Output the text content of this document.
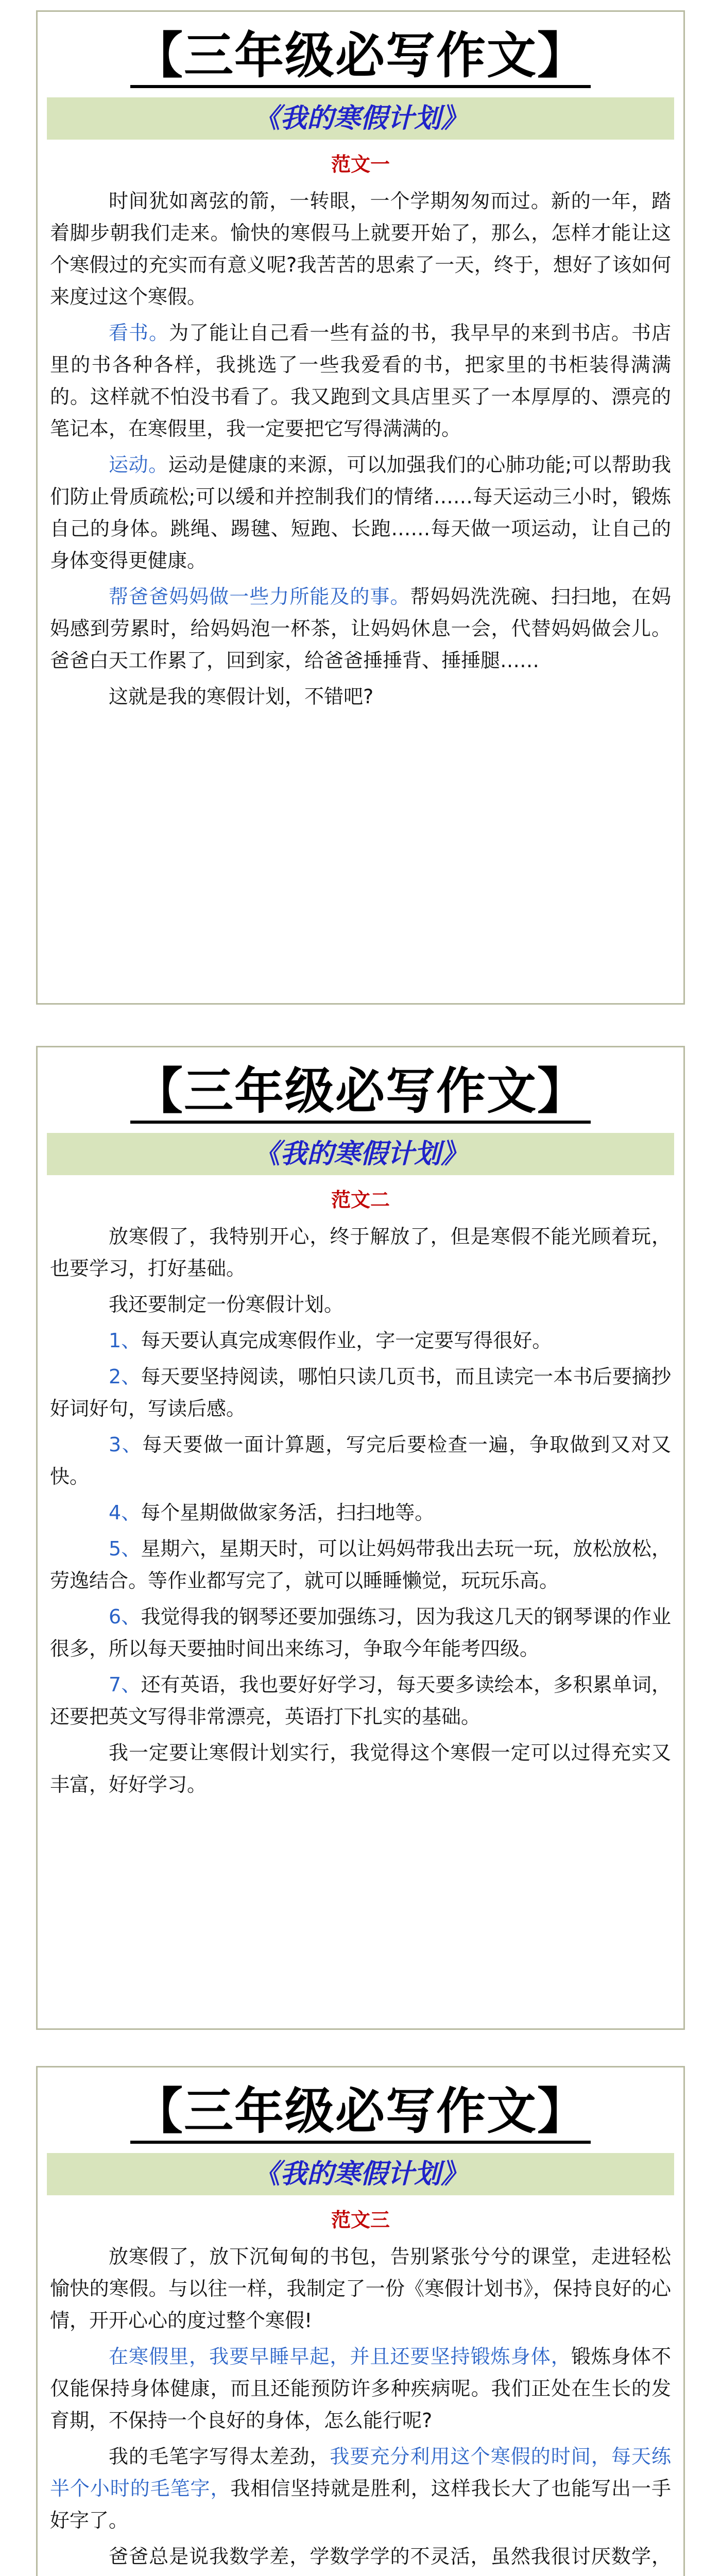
【三年级必写作文】
《我的寒假计划》
范文一

时间犹如离弦的箭，一转眼，一个学期匆匆而过。新的一年，踏着脚步朝我们走来。愉快的寒假马上就要开始了，那么，怎样才能让这个寒假过的充实而有意义呢?我苦苦的思索了一天，终于，想好了该如何来度过这个寒假。

看书。为了能让自己看一些有益的书，我早早的来到书店。书店里的书各种各样，我挑选了一些我爱看的书，把家里的书柜装得满满的。这样就不怕没书看了。我又跑到文具店里买了一本厚厚的、漂亮的笔记本，在寒假里，我一定要把它写得满满的。

运动。运动是健康的来源，可以加强我们的心肺功能;可以帮助我们防止骨质疏松;可以缓和并控制我们的情绪……每天运动三小时，锻炼自己的身体。跳绳、踢毽、短跑、长跑……每天做一项运动，让自己的身体变得更健康。

帮爸爸妈妈做一些力所能及的事。帮妈妈洗洗碗、扫扫地，在妈妈感到劳累时，给妈妈泡一杯茶，让妈妈休息一会，代替妈妈做会儿。爸爸白天工作累了，回到家，给爸爸捶捶背、捶捶腿……

这就是我的寒假计划，不错吧?

【三年级必写作文】
《我的寒假计划》
范文二

放寒假了，我特别开心，终于解放了，但是寒假不能光顾着玩，也要学习，打好基础。

我还要制定一份寒假计划。

1、每天要认真完成寒假作业，字一定要写得很好。

2、每天要坚持阅读，哪怕只读几页书，而且读完一本书后要摘抄好词好句，写读后感。

3、每天要做一面计算题，写完后要检查一遍，争取做到又对又快。

4、每个星期做做家务活，扫扫地等。

5、星期六，星期天时，可以让妈妈带我出去玩一玩，放松放松，劳逸结合。等作业都写完了，就可以睡睡懒觉，玩玩乐高。

6、我觉得我的钢琴还要加强练习，因为我这几天的钢琴课的作业很多，所以每天要抽时间出来练习，争取今年能考四级。

7、还有英语，我也要好好学习，每天要多读绘本，多积累单词，还要把英文写得非常漂亮，英语打下扎实的基础。

我一定要让寒假计划实行，我觉得这个寒假一定可以过得充实又丰富，好好学习。

【三年级必写作文】
《我的寒假计划》
范文三

放寒假了，放下沉甸甸的书包，告别紧张兮兮的课堂，走进轻松愉快的寒假。与以往一样，我制定了一份《寒假计划书》，保持良好的心情，开开心心的度过整个寒假!

在寒假里，我要早睡早起，并且还要坚持锻炼身体，锻炼身体不仅能保持身体健康，而且还能预防许多种疾病呢。我们正处在生长的发育期，不保持一个良好的身体，怎么能行呢?

我的毛笔字写得太差劲，我要充分利用这个寒假的时间，每天练半个小时的毛笔字，我相信坚持就是胜利，这样我长大了也能写出一手好字了。

爸爸总是说我数学差，学数学学的不灵活，虽然我很讨厌数学，
